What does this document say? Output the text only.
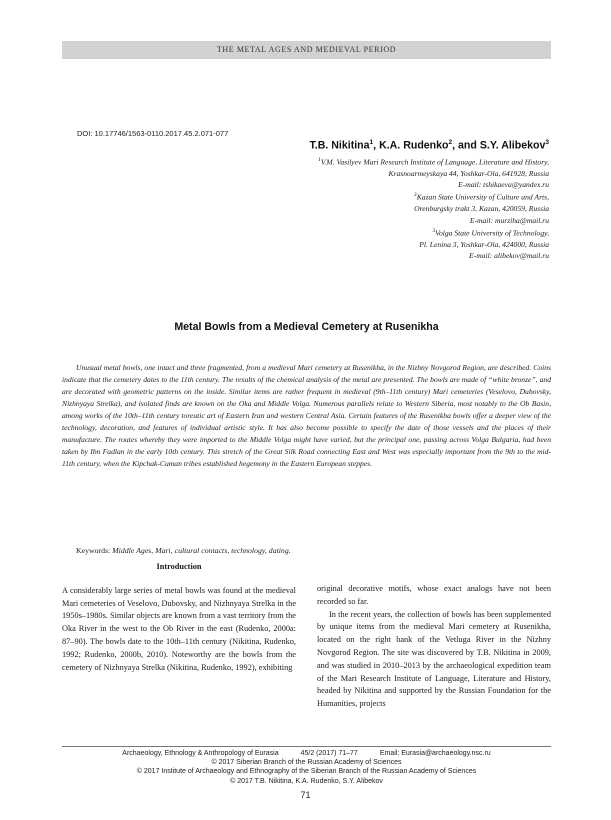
THE METAL AGES AND MEDIEVAL PERIOD
DOI: 10.17746/1563-0110.2017.45.2.071-077
T.B. Nikitina$^1$, K.A. Rudenko$^2$, and S.Y. Alibekov$^3$
$^1$V.M. Vasilyev Mari Research Institute of Language, Literature and History,
Krasnoarmeyskaya 44, Yoshkar-Ola, 641928, Russia
E-mail: tshikaeva@yandex.ru
$^2$Kazan State University of Culture and Arts,
Orenburgsky trakt 3, Kazan, 420059, Russia
E-mail: murziha@mail.ru
$^3$Volga State University of Technology,
Pl. Lenina 3, Yoshkar-Ola, 424000, Russia
E-mail: alibekov@mail.ru
Metal Bowls from a Medieval Cemetery at Rusenikha
Unusual metal bowls, one intact and three fragmented, from a medieval Mari cemetery at Rusenikha, in the Nizhny Novgorod Region, are described. Coins indicate that the cemetery dates to the 11th century. The results of the chemical analysis of the metal are presented. The bowls are made of “white bronze”, and are decorated with geometric patterns on the inside. Similar items are rather frequent in medieval (9th–11th century) Mari cemeteries (Veselovo, Dubovsky, Nizhnyaya Strelka), and isolated finds are known on the Oka and Middle Volga. Numerous parallels relate to Western Siberia, most notably to the Ob Basin, among works of the 10th–11th century toreutic art of Eastern Iran and western Central Asia. Certain features of the Rusenikha bowls offer a deeper view of the technology, decoration, and features of individual artistic style. It has also become possible to specify the date of those vessels and the places of their manufacture. The routes whereby they were imported to the Middle Volga might have varied, but the principal one, passing across Volga Bulgaria, had been taken by Ibn Fadlan in the early 10th century. This stretch of the Great Silk Road connecting East and West was especially important from the 9th to the mid-11th century, when the Kipchak-Cuman tribes established hegemony in the Eastern European steppes.
Keywords: Middle Ages, Mari, cultural contacts, technology, dating.
Introduction

A considerably large series of metal bowls was found at the medieval Mari cemeteries of Veselovo, Dubovsky, and Nizhnyaya Strelka in the 1950s–1980s. Similar objects are known from a vast territory from the Oka River in the west to the Ob River in the east (Rudenko, 2000a: 87–90). The bowls date to the 10th–11th century (Nikitina, Rudenko, 1992; Rudenko, 2000b, 2010). Noteworthy are the bowls from the cemetery of Nizhnyaya Strelka (Nikitina, Rudenko, 1992), exhibiting

original decorative motifs, whose exact analogs have not been recorded so far.

In the recent years, the collection of bowls has been supplemented by unique items from the medieval Mari cemetery at Rusenikha, located on the right bank of the Vetluga River in the Nizhny Novgorod Region. The site was discovered by T.B. Nikitina in 2009, and was studied in 2010–2013 by the archaeological expedition team of the Mari Research Institute of Language, Literature and History, headed by Nikitina and supported by the Russian Foundation for the Humanities, projects

Archaeology, Ethnology & Anthropology of Eurasia	45/2 (2017) 71–77	Email: Eurasia@archaeology.nsc.ru
© 2017 Siberian Branch of the Russian Academy of Sciences
© 2017 Institute of Archaeology and Ethnography of the Siberian Branch of the Russian Academy of Sciences
© 2017 T.B. Nikitina, K.A. Rudenko, S.Y. Alibekov
71
